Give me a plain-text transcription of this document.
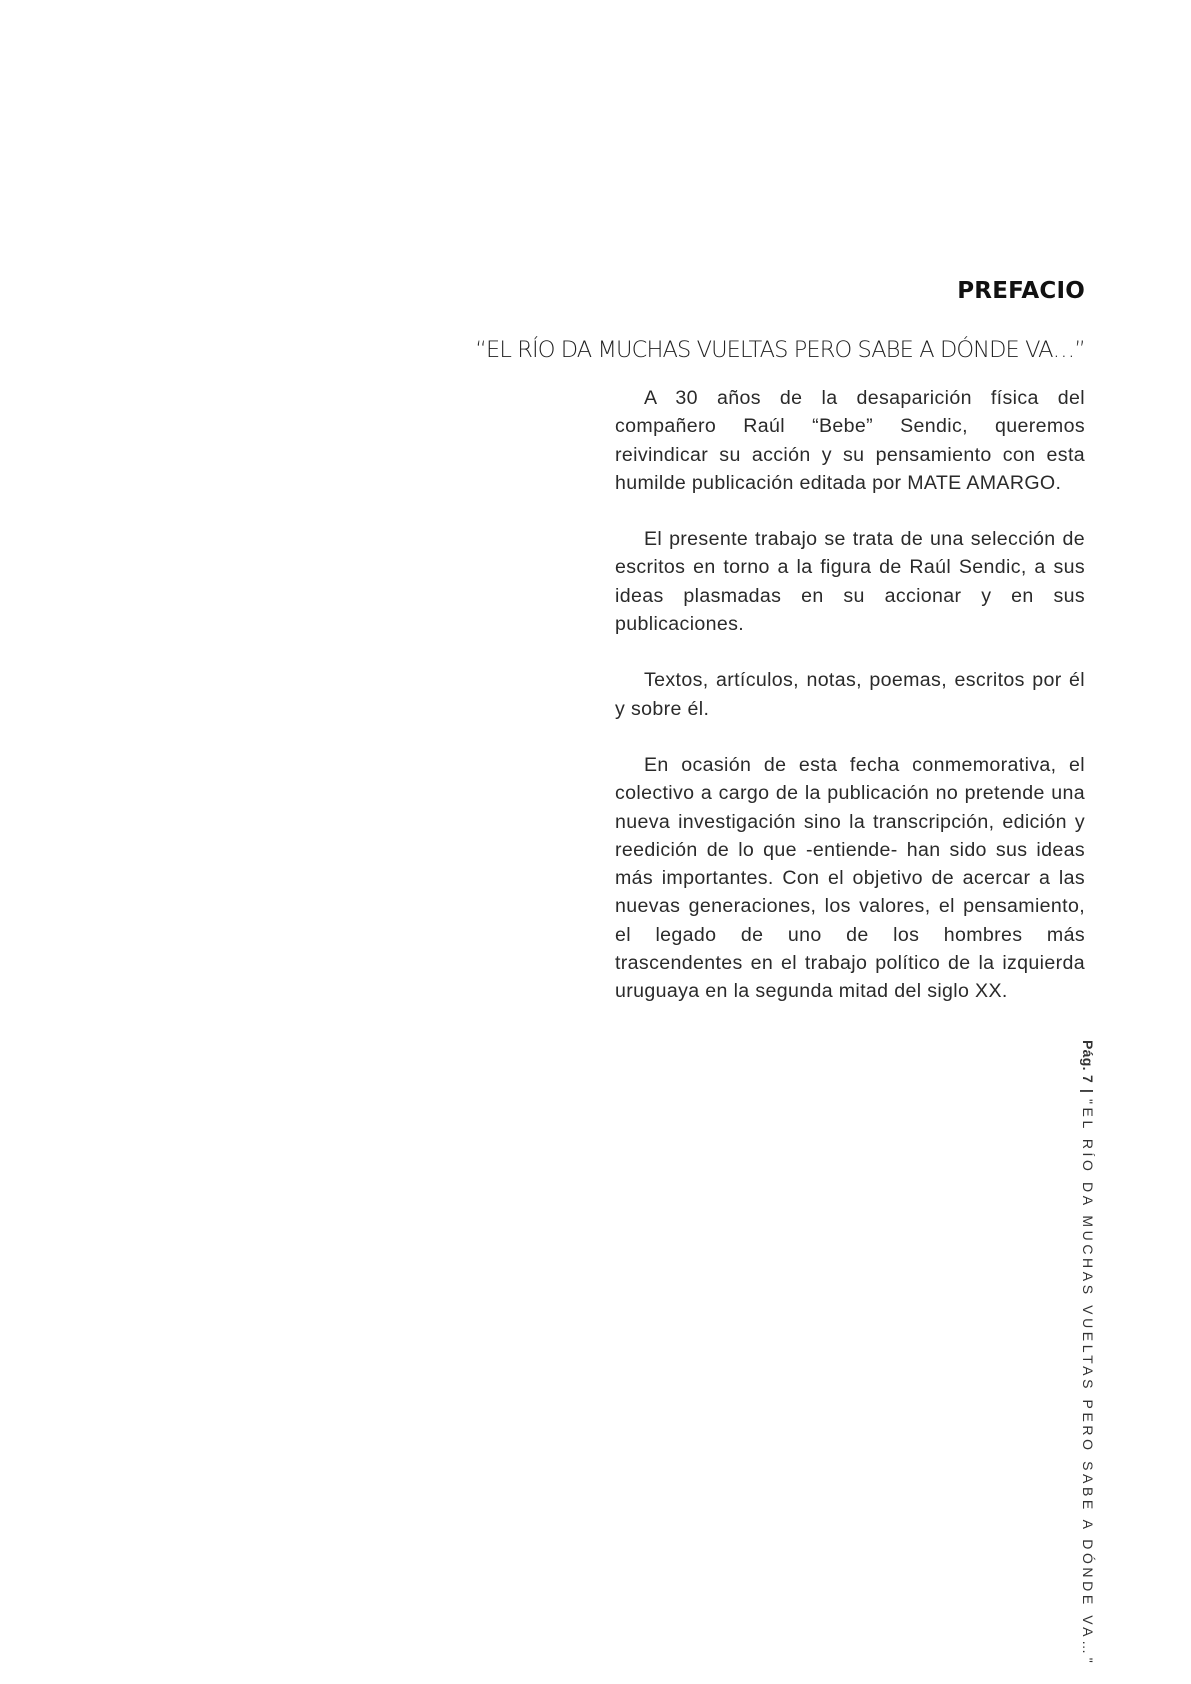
PREFACIO
“EL RÍO DA MUCHAS VUELTAS PERO SABE A DÓNDE VA…”

A 30 años de la desaparición física del compañero Raúl “Bebe” Sendic, queremos reivindicar su acción y su pensamiento con esta humilde publicación editada por MATE AMARGO.

El presente trabajo se trata de una selección de escritos en torno a la figura de Raúl Sendic, a sus ideas plasmadas en su accionar y en sus publicaciones.

Textos, artículos, notas, poemas, escritos por él y sobre él.

En ocasión de esta fecha conmemorativa, el colectivo a cargo de la publicación no pretende una nueva investigación sino la transcripción, edición y reedición de lo que -entiende- han sido sus ideas más importantes. Con el objetivo de acercar a las nuevas generaciones, los valores, el pensamiento, el legado de uno de los hombres más trascendentes en el trabajo político de la izquierda uruguaya en la segunda mitad del siglo XX.

Pág. 7|"EL RÍO DA MUCHAS VUELTAS PERO SABE A DÓNDE VA…"
